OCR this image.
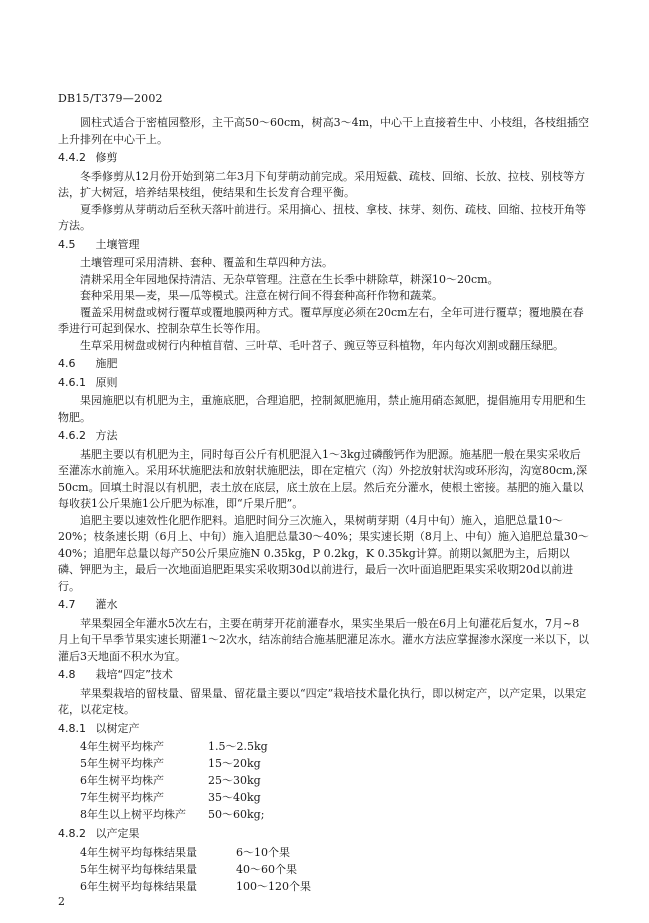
DB15/T379—2002

圆柱式适合于密植园整形，主干高50～60cm，树高3～4m，中心干上直接着生中、小枝组，各枝组插空上升排列在中心干上。

4.4.2 修剪

冬季修剪从12月份开始到第二年3月下旬芽萌动前完成。采用短截、疏枝、回缩、长放、拉枝、别枝等方法，扩大树冠，培养结果枝组，使结果和生长发育合理平衡。

夏季修剪从芽萌动后至秋天落叶前进行。采用摘心、扭枝、拿枝、抹芽、刻伤、疏枝、回缩、拉枝开角等方法。

4.5 土壤管理

土壤管理可采用清耕、套种、覆盖和生草四种方法。

清耕采用全年园地保持清洁、无杂草管理。注意在生长季中耕除草，耕深10～20cm。

套种采用果—麦，果—瓜等模式。注意在树行间不得套种高秆作物和蔬菜。

覆盖采用树盘或树行覆草或覆地膜两种方式。覆草厚度必须在20cm左右，全年可进行覆草；覆地膜在春季进行可起到保水、控制杂草生长等作用。

生草采用树盘或树行内种植苜蓿、三叶草、毛叶苕子、豌豆等豆科植物，年内每次刈割或翻压绿肥。

4.6 施肥
4.6.1 原则

果园施肥以有机肥为主，重施底肥，合理追肥，控制氮肥施用，禁止施用硝态氮肥，提倡施用专用肥和生物肥。

4.6.2 方法

基肥主要以有机肥为主，同时每百公斤有机肥混入1～3kg过磷酸钙作为肥源。施基肥一般在果实采收后至灌冻水前施入。采用环状施肥法和放射状施肥法，即在定植穴（沟）外挖放射状沟或环形沟，沟宽80cm,深50cm。回填土时混以有机肥，表土放在底层，底土放在上层。然后充分灌水，使根土密接。基肥的施入量以每收获1公斤果施1公斤肥为标准，即“斤果斤肥”。

追肥主要以速效性化肥作肥料。追肥时间分三次施入，果树萌芽期（4月中旬）施入，追肥总量10～20%；枝条速长期（6月上、中旬）施入追肥总量30～40%；果实速长期（8月上、中旬）施入追肥总量30～40%；追肥年总量以每产50公斤果应施N 0.35kg，P 0.2kg，K 0.35kg计算。前期以氮肥为主，后期以磷、钾肥为主，最后一次地面追肥距果实采收期30d以前进行，最后一次叶面追肥距果实采收期20d以前进行。

4.7 灌水

苹果梨园全年灌水5次左右，主要在萌芽开花前灌春水，果实坐果后一般在6月上旬灌花后复水，7月~8月上旬干旱季节果实速长期灌1～2次水，结冻前结合施基肥灌足冻水。灌水方法应掌握渗水深度一米以下，以灌后3天地面不积水为宜。

4.8 栽培“四定”技术

苹果梨栽培的留枝量、留果量、留花量主要以“四定”栽培技术量化执行，即以树定产，以产定果，以果定花，以花定枝。

4.8.1 以树定产
4年生树平均株产	1.5～2.5kg
5年生树平均株产	15～20kg
6年生树平均株产	25～30kg
7年生树平均株产	35～40kg
8年生以上树平均株产	50～60kg;
4.8.2 以产定果
4年生树平均每株结果量	6～10个果
5年生树平均每株结果量	40～60个果
6年生树平均每株结果量	100～120个果
2
